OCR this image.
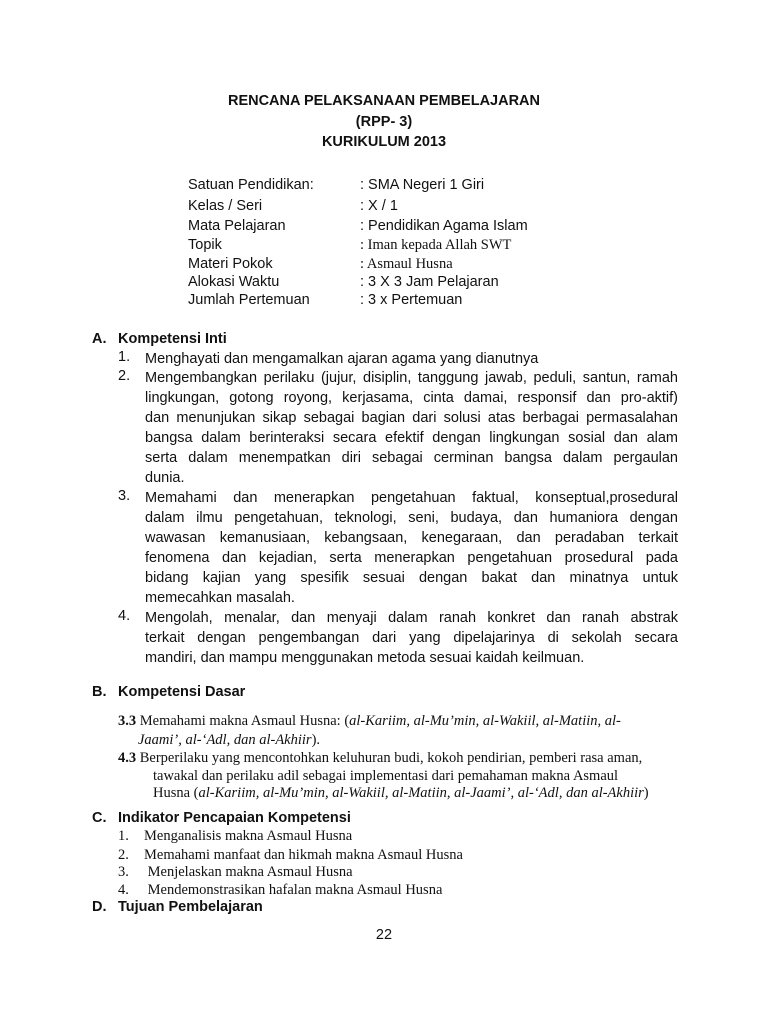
RENCANA PELAKSANAAN PEMBELAJARAN
(RPP- 3)
KURIKULUM 2013
Satuan Pendidikan:	: SMA Negeri 1 Giri
Kelas / Seri	: X / 1
Mata Pelajaran	: Pendidikan Agama Islam
Topik	: Iman kepada Allah SWT
Materi Pokok	: Asmaul Husna
Alokasi Waktu	: 3 X 3 Jam Pelajaran
Jumlah Pertemuan	: 3 x Pertemuan
A. Kompetensi Inti
1. Menghayati dan mengamalkan ajaran agama yang dianutnya
2. Mengembangkan perilaku (jujur, disiplin, tanggung jawab, peduli, santun, ramah
lingkungan, gotong royong, kerjasama, cinta damai, responsif dan pro-aktif)
dan menunjukan sikap sebagai bagian dari solusi atas berbagai permasalahan
bangsa dalam berinteraksi secara efektif dengan lingkungan sosial dan alam
serta dalam menempatkan diri sebagai cerminan bangsa dalam pergaulan
dunia.
3. Memahami dan menerapkan pengetahuan faktual, konseptual,prosedural
dalam ilmu pengetahuan, teknologi, seni, budaya, dan humaniora dengan
wawasan kemanusiaan, kebangsaan, kenegaraan, dan peradaban terkait
fenomena dan kejadian, serta menerapkan pengetahuan prosedural pada
bidang kajian yang spesifik sesuai dengan bakat dan minatnya untuk
memecahkan masalah.
4. Mengolah, menalar, dan menyaji dalam ranah konkret dan ranah abstrak
terkait dengan pengembangan dari yang dipelajarinya di sekolah secara
mandiri, dan mampu menggunakan metoda sesuai kaidah keilmuan.
B. Kompetensi Dasar
3.3 Memahami makna Asmaul Husna: (al-Kariim, al-Mu’min, al-Wakiil, al-Matiin, al-
Jaami’, al-‘Adl, dan al-Akhiir).
4.3 Berperilaku yang mencontohkan keluhuran budi, kokoh pendirian, pemberi rasa aman,
tawakal dan perilaku adil sebagai implementasi dari pemahaman makna Asmaul
Husna (al-Kariim, al-Mu’min, al-Wakiil, al-Matiin, al-Jaami’, al-‘Adl, dan al-Akhiir)
C. Indikator Pencapaian Kompetensi
1. Menganalisis makna Asmaul Husna
2. Memahami manfaat dan hikmah makna Asmaul Husna
3. Menjelaskan makna Asmaul Husna
4. Mendemonstrasikan hafalan makna Asmaul Husna
D. Tujuan Pembelajaran
22
